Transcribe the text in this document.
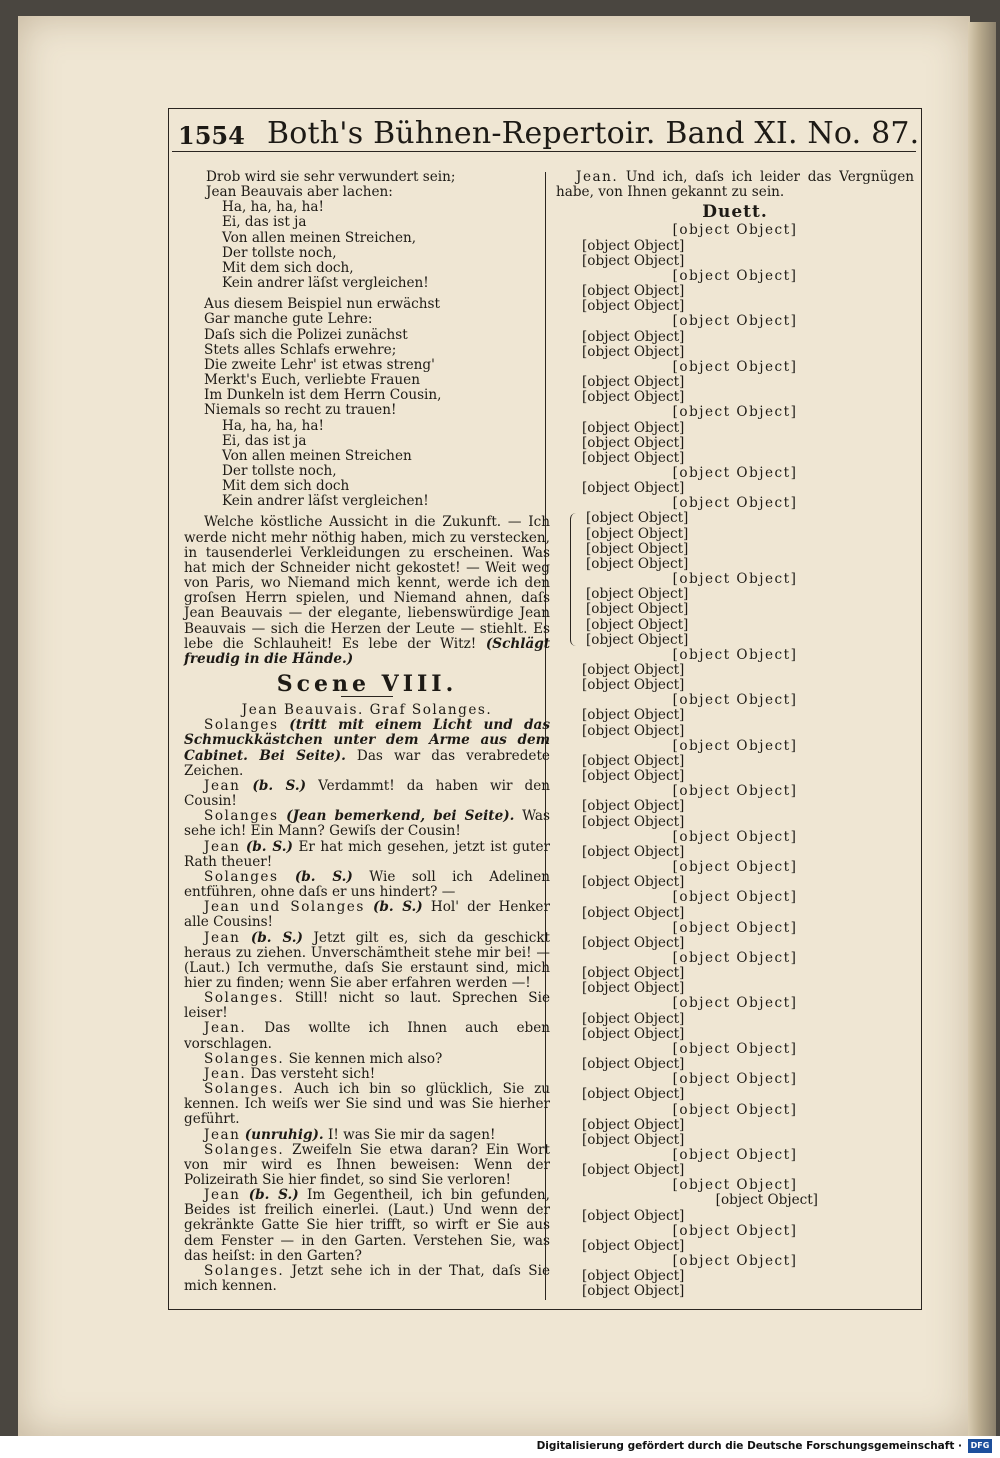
1554 Both's Bühnen-Repertoir. Band XI. No. 87.

Drob wird sie sehr verwundert sein;

Jean Beauvais aber lachen:

Ha, ha, ha, ha!

Ei, das ist ja

Von allen meinen Streichen,

Der tollste noch,

Mit dem sich doch,

Kein andrer läſst vergleichen!

Aus diesem Beispiel nun erwächst

Gar manche gute Lehre:

Daſs sich die Polizei zunächst

Stets alles Schlafs erwehre;

Die zweite Lehr' ist etwas streng'

Merkt's Euch, verliebte Frauen

Im Dunkeln ist dem Herrn Cousin,

Niemals so recht zu trauen!

Ha, ha, ha, ha!

Ei, das ist ja

Von allen meinen Streichen

Der tollste noch,

Mit dem sich doch

Kein andrer läſst vergleichen!

Welche köstliche Aussicht in die Zukunft. — Ich werde nicht mehr nöthig haben, mich zu verstecken, in tausenderlei Verkleidungen zu erscheinen. Was hat mich der Schneider nicht gekostet! — Weit weg von Paris, wo Niemand mich kennt, werde ich den groſsen Herrn spielen, und Niemand ahnen, daſs Jean Beauvais — der elegante, liebenswürdige Jean Beauvais — sich die Herzen der Leute — stiehlt. Es lebe die Schlauheit! Es lebe der Witz! (Schlägt freudig in die Hände.)

Scene VIII.

Jean Beauvais. Graf Solanges.

Solanges (tritt mit einem Licht und das Schmuckkästchen unter dem Arme aus dem Cabinet. Bei Seite). Das war das verabredete Zeichen.

Jean (b. S.) Verdammt! da haben wir den Cousin!

Solanges (Jean bemerkend, bei Seite). Was sehe ich! Ein Mann? Gewiſs der Cousin!

Jean (b. S.) Er hat mich gesehen, jetzt ist guter Rath theuer!

Solanges (b. S.) Wie soll ich Adelinen entführen, ohne daſs er uns hindert? —

Jean und Solanges (b. S.) Hol' der Henker alle Cousins!

Jean (b. S.) Jetzt gilt es, sich da geschickt heraus zu ziehen. Unverschämtheit stehe mir bei! — (Laut.) Ich vermuthe, daſs Sie erstaunt sind, mich hier zu finden; wenn Sie aber erfahren werden —!

Solanges. Still! nicht so laut. Sprechen Sie leiser!

Jean. Das wollte ich Ihnen auch eben vorschlagen.

Solanges. Sie kennen mich also?

Jean. Das versteht sich!

Solanges. Auch ich bin so glücklich, Sie zu kennen. Ich weiſs wer Sie sind und was Sie hierher geführt.

Jean (unruhig). I! was Sie mir da sagen!

Solanges. Zweifeln Sie etwa daran? Ein Wort von mir wird es Ihnen beweisen: Wenn der Polizeirath Sie hier findet, so sind Sie verloren!

Jean (b. S.) Im Gegentheil, ich bin gefunden, Beides ist freilich einerlei. (Laut.) Und wenn der gekränkte Gatte Sie hier trifft, so wirft er Sie aus dem Fenster — in den Garten. Verstehen Sie, was das heiſst: in den Garten?

Solanges. Jetzt sehe ich in der That, daſs Sie mich kennen.

Jean. Und ich, daſs ich leider das Vergnügen habe, von Ihnen gekannt zu sein.

Duett.

[object Object]

[object Object]

[object Object]

[object Object]

[object Object]

[object Object]

[object Object]

[object Object]

[object Object]

[object Object]

[object Object]

[object Object]

[object Object]

[object Object]

[object Object]

[object Object]

[object Object]

[object Object]

[object Object]

[object Object]

[object Object]

[object Object]

[object Object]

[object Object]

[object Object]

[object Object]

[object Object]

[object Object]

[object Object]

[object Object]

[object Object]

[object Object]

[object Object]

[object Object]

[object Object]

[object Object]

[object Object]

[object Object]

[object Object]

[object Object]

[object Object]

[object Object]

[object Object]

[object Object]

[object Object]

[object Object]

[object Object]

[object Object]

[object Object]

[object Object]

[object Object]

[object Object]

[object Object]

[object Object]

[object Object]

[object Object]

[object Object]

[object Object]

[object Object]

[object Object]

[object Object]

[object Object]

[object Object]

[object Object]

[object Object]

[object Object]

[object Object]

[object Object]

[object Object]

[object Object]

[object Object]

Digitalisierung gefördert durch die Deutsche Forschungsgemeinschaft ·	DFG
